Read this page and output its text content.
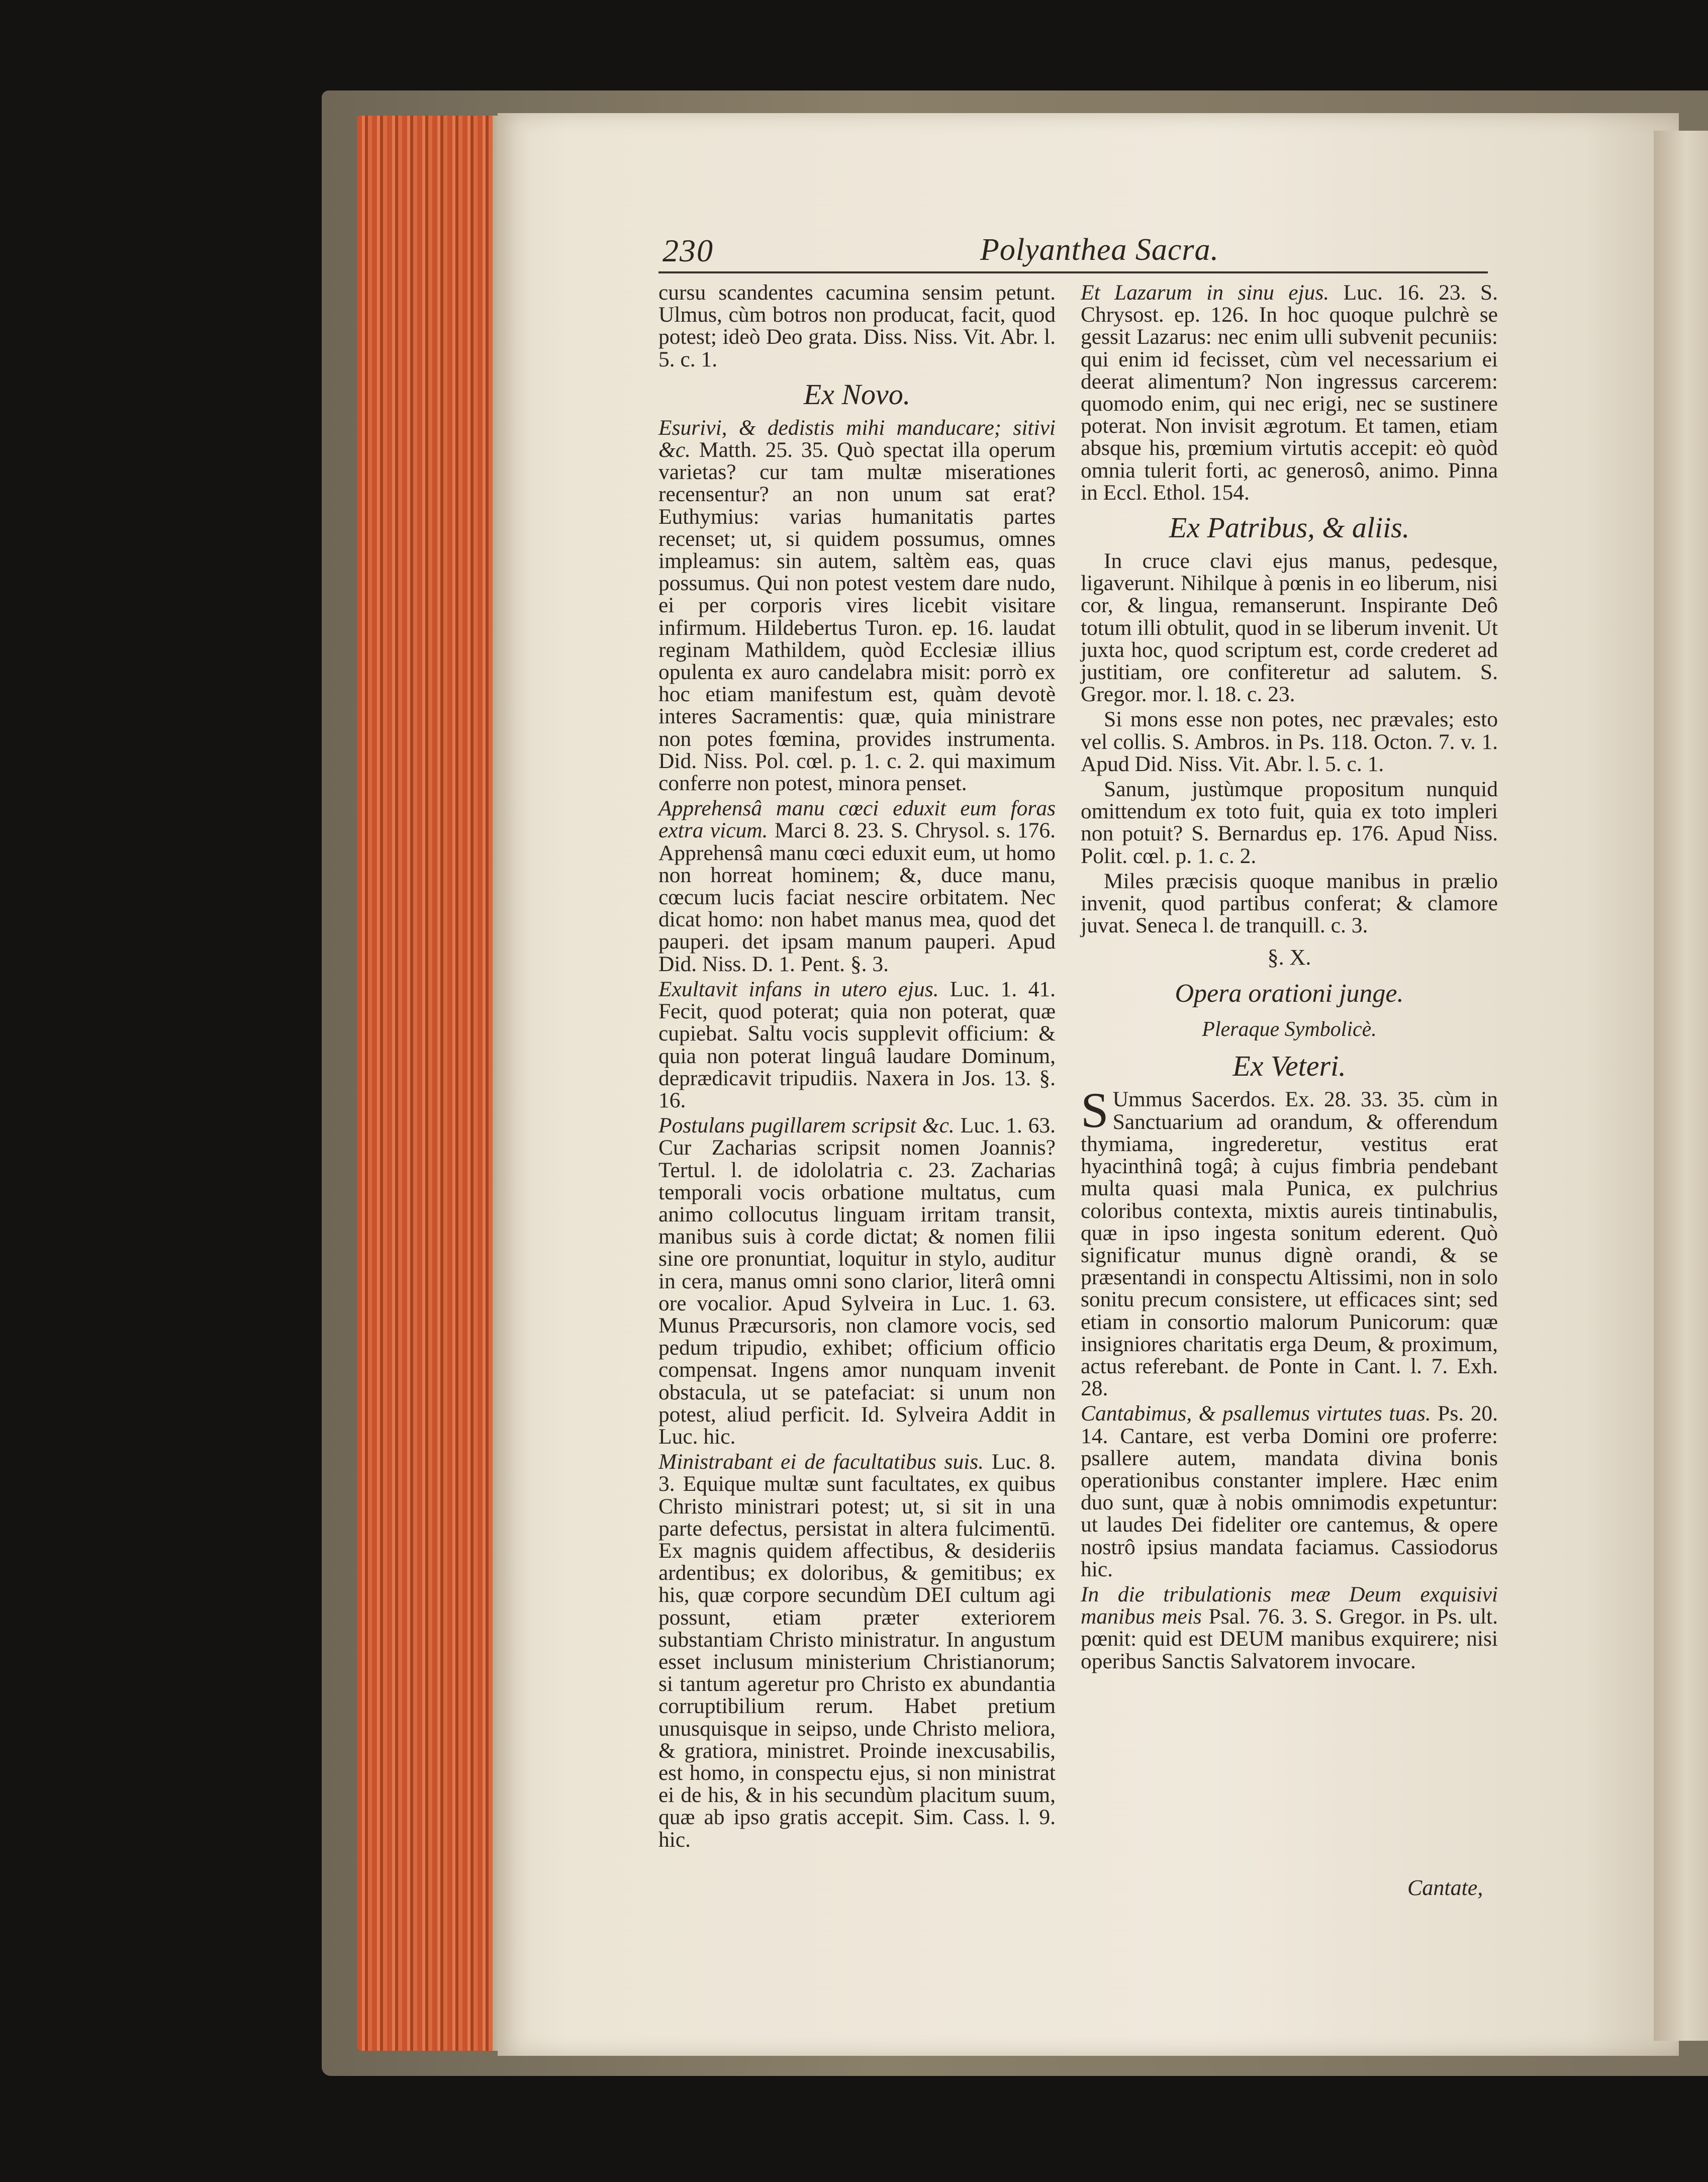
230	Polyanthea Sacra.

cursu scandentes cacumina sensim petunt. Ulmus, cùm botros non producat, facit, quod potest; ideò Deo grata. Diss. Niss. Vit. Abr. l. 5. c. 1.

Ex Novo.

Esurivi, & dedistis mihi manducare; sitivi &c. Matth. 25. 35. Quò spectat illa operum varietas? cur tam multæ miserationes recensentur? an non unum sat erat? Euthymius: varias humanitatis partes recenset; ut, si quidem possumus, omnes impleamus: sin autem, saltèm eas, quas possumus. Qui non potest vestem dare nudo, ei per corporis vires licebit visitare infirmum. Hildebertus Turon. ep. 16. laudat reginam Mathildem, quòd Ecclesiæ illius opulenta ex auro candelabra misit: porrò ex hoc etiam manifestum est, quàm devotè interes Sacramentis: quæ, quia ministrare non potes fœmina, provides instrumenta. Did. Niss. Pol. cœl. p. 1. c. 2. qui maximum conferre non potest, minora penset.

Apprehensâ manu cœci eduxit eum foras extra vicum. Marci 8. 23. S. Chrysol. s. 176. Apprehensâ manu cœci eduxit eum, ut homo non horreat hominem; &, duce manu, cœcum lucis faciat nescire orbitatem. Nec dicat homo: non habet manus mea, quod det pauperi. det ipsam manum pauperi. Apud Did. Niss. D. 1. Pent. §. 3.

Exultavit infans in utero ejus. Luc. 1. 41. Fecit, quod poterat; quia non poterat, quæ cupiebat. Saltu vocis supplevit officium: & quia non poterat linguâ laudare Dominum, deprædicavit tripudiis. Naxera in Jos. 13. §. 16.

Postulans pugillarem scripsit &c. Luc. 1. 63. Cur Zacharias scripsit nomen Joannis? Tertul. l. de idololatria c. 23. Zacharias temporali vocis orbatione multatus, cum animo collocutus linguam irritam transit, manibus suis à corde dictat; & nomen filii sine ore pronuntiat, loquitur in stylo, auditur in cera, manus omni sono clarior, literâ omni ore vocalior. Apud Sylveira in Luc. 1. 63. Munus Præcursoris, non clamore vocis, sed pedum tripudio, exhibet; officium officio compensat. Ingens amor nunquam invenit obstacula, ut se patefaciat: si unum non potest, aliud perficit. Id. Sylveira Addit in Luc. hic.

Ministrabant ei de facultatibus suis. Luc. 8. 3. Equique multæ sunt facultates, ex quibus Christo ministrari potest; ut, si sit in una parte defectus, persistat in altera fulcimentū. Ex magnis quidem affectibus, & desideriis ardentibus; ex doloribus, & gemitibus; ex his, quæ corpore secundùm DEI cultum agi possunt, etiam præter exteriorem substantiam Christo ministratur. In angustum esset inclusum ministerium Christianorum; si tantum ageretur pro Christo ex abundantia corruptibilium rerum. Habet pretium unusquisque in seipso, unde Christo meliora, & gratiora, ministret. Proinde inexcusabilis, est homo, in conspectu ejus, si non ministrat ei de his, & in his secundùm placitum suum, quæ ab ipso gratis accepit. Sim. Cass. l. 9. hic.

Et Lazarum in sinu ejus. Luc. 16. 23. S. Chrysost. ep. 126. In hoc quoque pulchrè se gessit Lazarus: nec enim ulli subvenit pecuniis: qui enim id fecisset, cùm vel necessarium ei deerat alimentum? Non ingressus carcerem: quomodo enim, qui nec erigi, nec se sustinere poterat. Non invisit ægrotum. Et tamen, etiam absque his, prœmium virtutis accepit: eò quòd omnia tulerit forti, ac generosô, animo. Pinna in Eccl. Ethol. 154.

Ex Patribus, & aliis.

In cruce clavi ejus manus, pedesque, ligaverunt. Nihilque à pœnis in eo liberum, nisi cor, & lingua, remanserunt. Inspirante Deô totum illi obtulit, quod in se liberum invenit. Ut juxta hoc, quod scriptum est, corde crederet ad justitiam, ore confiteretur ad salutem. S. Gregor. mor. l. 18. c. 23.

Si mons esse non potes, nec prævales; esto vel collis. S. Ambros. in Ps. 118. Octon. 7. v. 1. Apud Did. Niss. Vit. Abr. l. 5. c. 1.

Sanum, justùmque propositum nunquid omittendum ex toto fuit, quia ex toto impleri non potuit? S. Bernardus ep. 176. Apud Niss. Polit. cœl. p. 1. c. 2.

Miles præcisis quoque manibus in prælio invenit, quod partibus conferat; & clamore juvat. Seneca l. de tranquill. c. 3.

§. X.
Opera orationi junge.
Pleraque Symbolicè.
Ex Veteri.

S Ummus Sacerdos. Ex. 28. 33. 35. cùm in Sanctuarium ad orandum, & offerendum thymiama, ingrederetur, vestitus erat hyacinthinâ togâ; à cujus fimbria pendebant multa quasi mala Punica, ex pulchrius coloribus contexta, mixtis aureis tintinabulis, quæ in ipso ingesta sonitum ederent. Quò significatur munus dignè orandi, & se præsentandi in conspectu Altissimi, non in solo sonitu precum consistere, ut efficaces sint; sed etiam in consortio malorum Punicorum: quæ insigniores charitatis erga Deum, & proximum, actus referebant. de Ponte in Cant. l. 7. Exh. 28.

Cantabimus, & psallemus virtutes tuas. Ps. 20. 14. Cantare, est verba Domini ore proferre: psallere autem, mandata divina bonis operationibus constanter implere. Hæc enim duo sunt, quæ à nobis omnimodis expetuntur: ut laudes Dei fideliter ore cantemus, & opere nostrô ipsius mandata faciamus. Cassiodorus hic.

In die tribulationis meæ Deum exquisivi manibus meis Psal. 76. 3. S. Gregor. in Ps. ult. pœnit: quid est DEUM manibus exquirere; nisi operibus Sanctis Salvatorem invocare.

Cantate,
